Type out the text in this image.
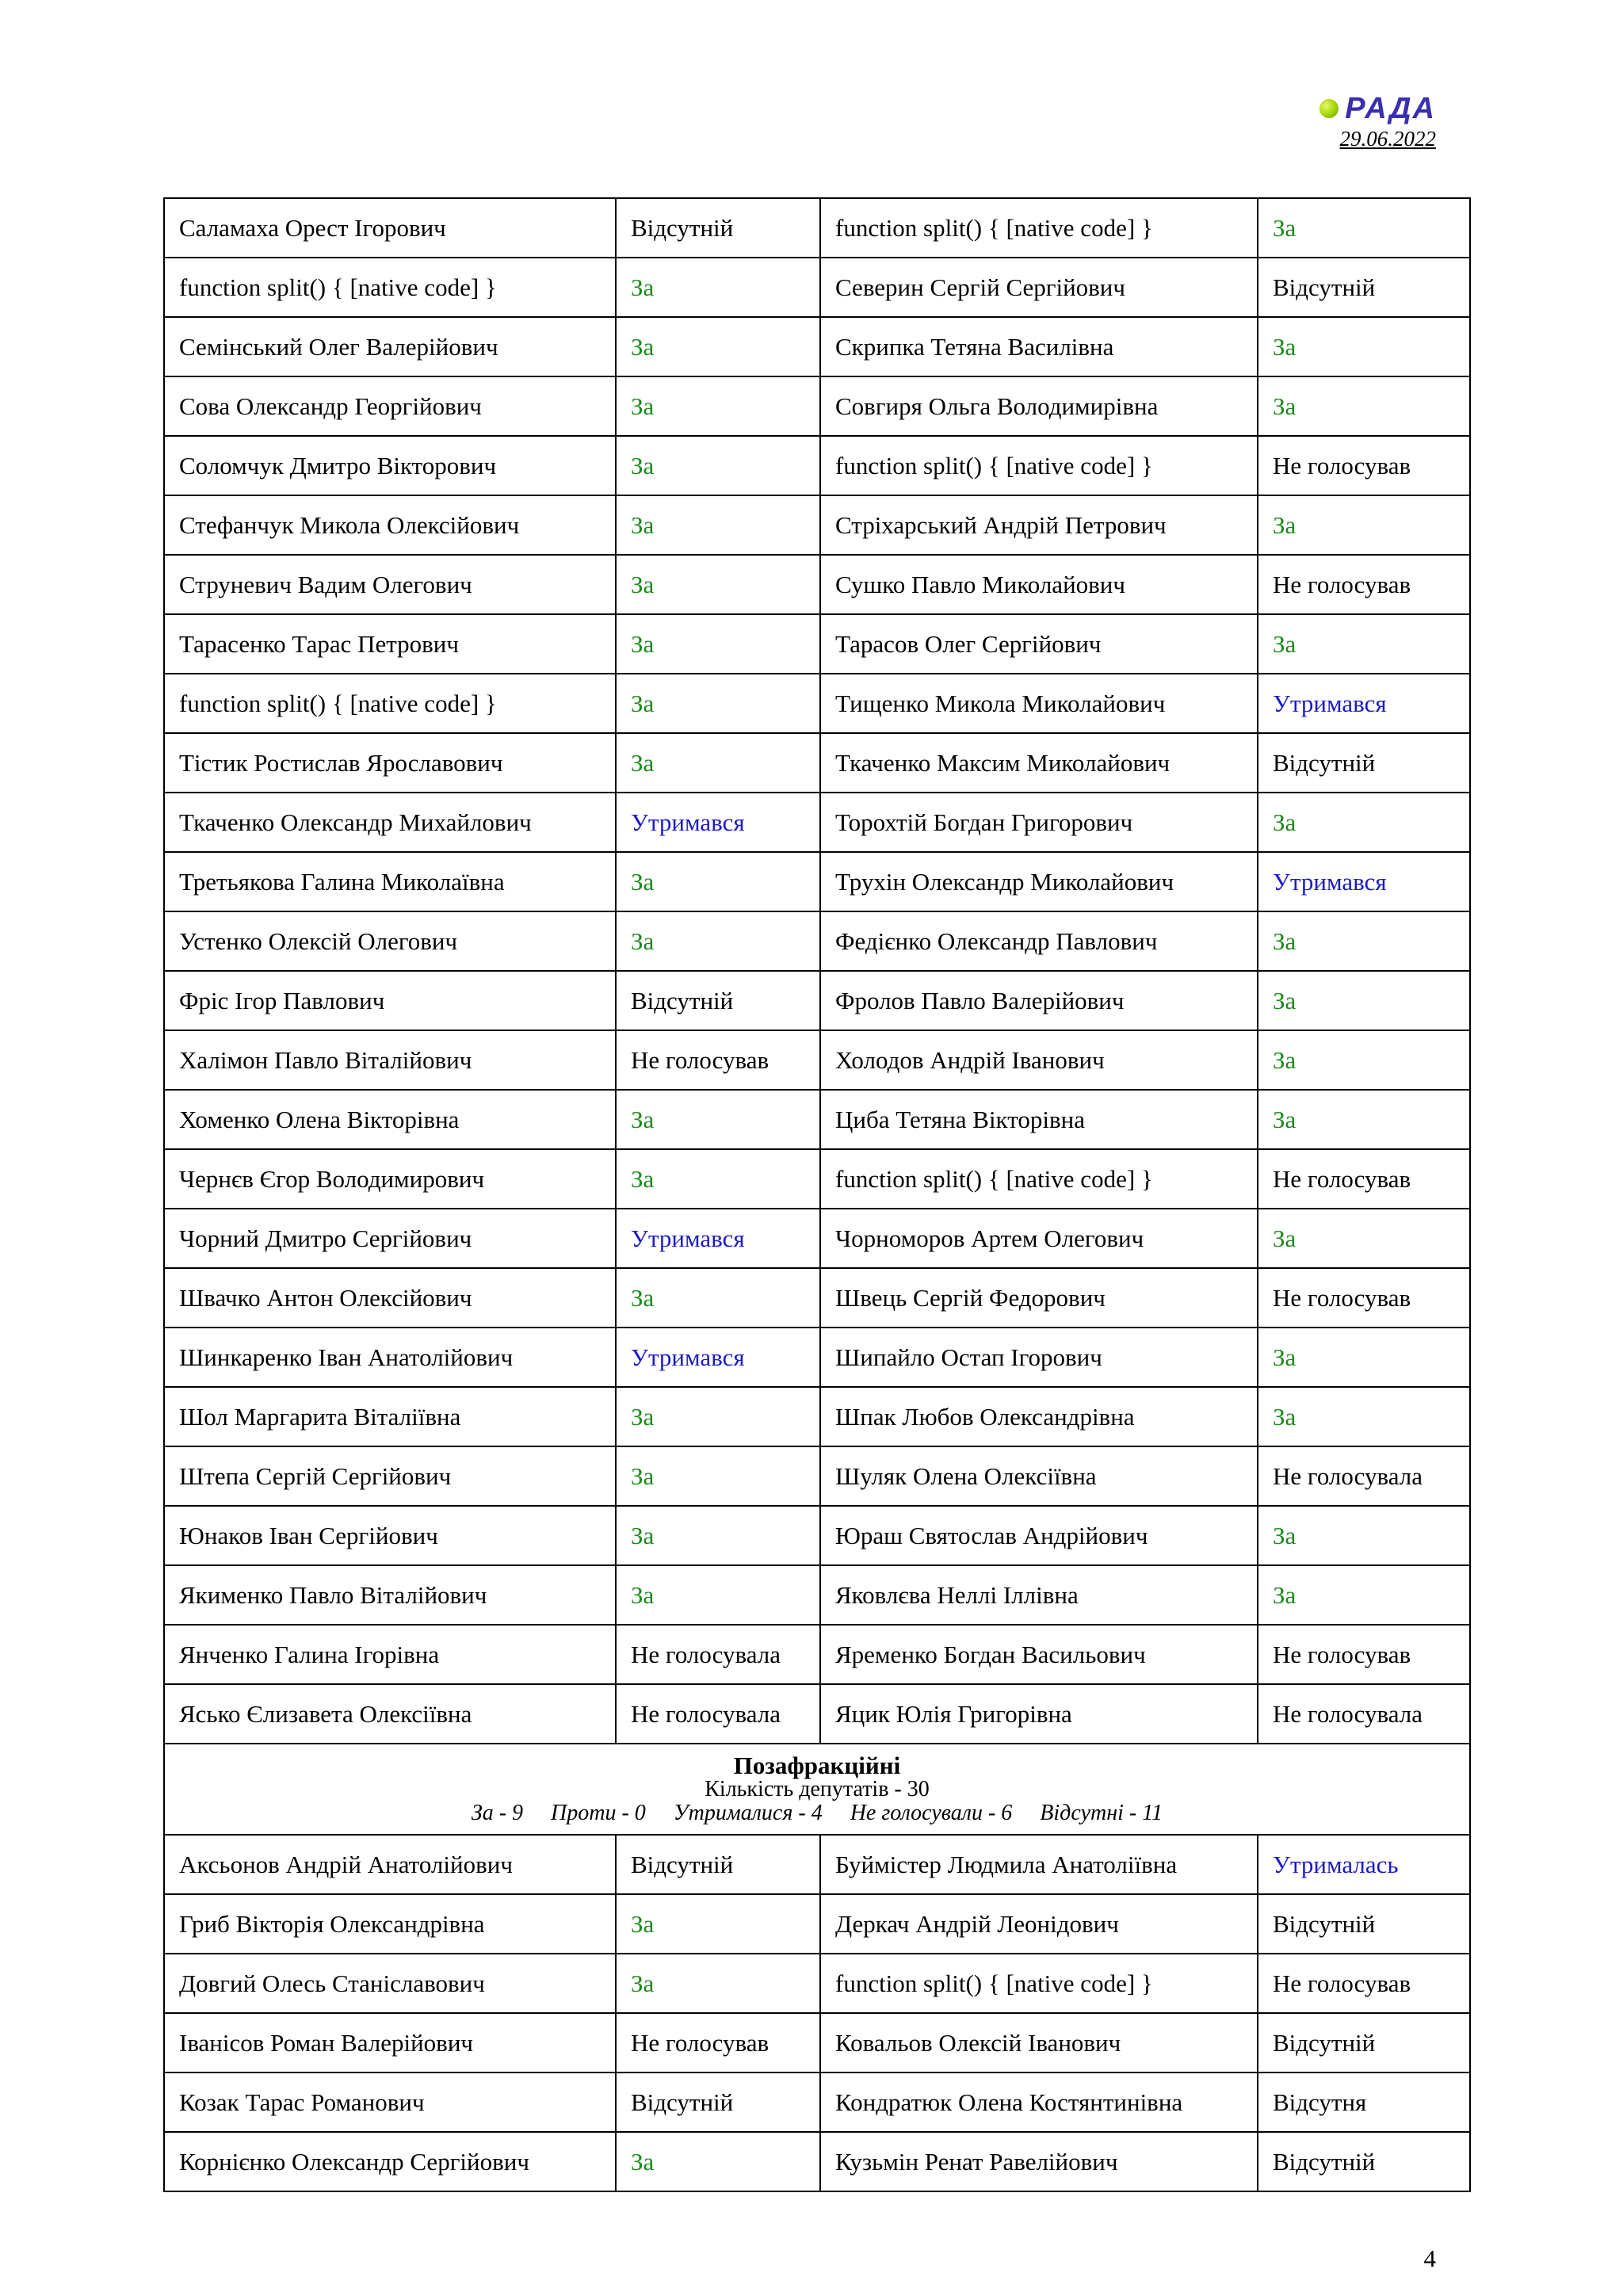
РАДА
29.06.2022
Саламаха Орест Ігорович	Відсутній	function split() { [native code] }	За
function split() { [native code] }	За	Северин Сергій Сергійович	Відсутній
Семінський Олег Валерійович	За	Скрипка Тетяна Василівна	За
Сова Олександр Георгійович	За	Совгиря Ольга Володимирівна	За
Соломчук Дмитро Вікторович	За	function split() { [native code] }	Не голосував
Стефанчук Микола Олексійович	За	Стріхарський Андрій Петрович	За
Струневич Вадим Олегович	За	Сушко Павло Миколайович	Не голосував
Тарасенко Тарас Петрович	За	Тарасов Олег Сергійович	За
function split() { [native code] }	За	Тищенко Микола Миколайович	Утримався
Тістик Ростислав Ярославович	За	Ткаченко Максим Миколайович	Відсутній
Ткаченко Олександр Михайлович	Утримався	Торохтій Богдан Григорович	За
Третьякова Галина Миколаївна	За	Трухін Олександр Миколайович	Утримався
Устенко Олексій Олегович	За	Федієнко Олександр Павлович	За
Фріс Ігор Павлович	Відсутній	Фролов Павло Валерійович	За
Халімон Павло Віталійович	Не голосував	Холодов Андрій Іванович	За
Хоменко Олена Вікторівна	За	Циба Тетяна Вікторівна	За
Чернєв Єгор Володимирович	За	function split() { [native code] }	Не голосував
Чорний Дмитро Сергійович	Утримався	Чорноморов Артем Олегович	За
Швачко Антон Олексійович	За	Швець Сергій Федорович	Не голосував
Шинкаренко Іван Анатолійович	Утримався	Шипайло Остап Ігорович	За
Шол Маргарита Віталіївна	За	Шпак Любов Олександрівна	За
Штепа Сергій Сергійович	За	Шуляк Олена Олексіївна	Не голосувала
Юнаков Іван Сергійович	За	Юраш Святослав Андрійович	За
Якименко Павло Віталійович	За	Яковлєва Неллі Іллівна	За
Янченко Галина Ігорівна	Не голосувала	Яременко Богдан Васильович	Не голосував
Ясько Єлизавета Олексіївна	Не голосувала	Яцик Юлія Григорівна	Не голосувала

Позафракційні
Кількість депутатів - 30
За - 9 Проти - 0 Утрималися - 4 Не голосували - 6 Відсутні - 11			

Аксьонов Андрій Анатолійович	Відсутній	Буймістер Людмила Анатоліївна	Утрималась
Гриб Вікторія Олександрівна	За	Деркач Андрій Леонідович	Відсутній
Довгий Олесь Станіславович	За	function split() { [native code] }	Не голосував
Іванісов Роман Валерійович	Не голосував	Ковальов Олексій Іванович	Відсутній
Козак Тарас Романович	Відсутній	Кондратюк Олена Костянтинівна	Відсутня
Корнієнко Олександр Сергійович	За	Кузьмін Ренат Равелійович	Відсутній
4
